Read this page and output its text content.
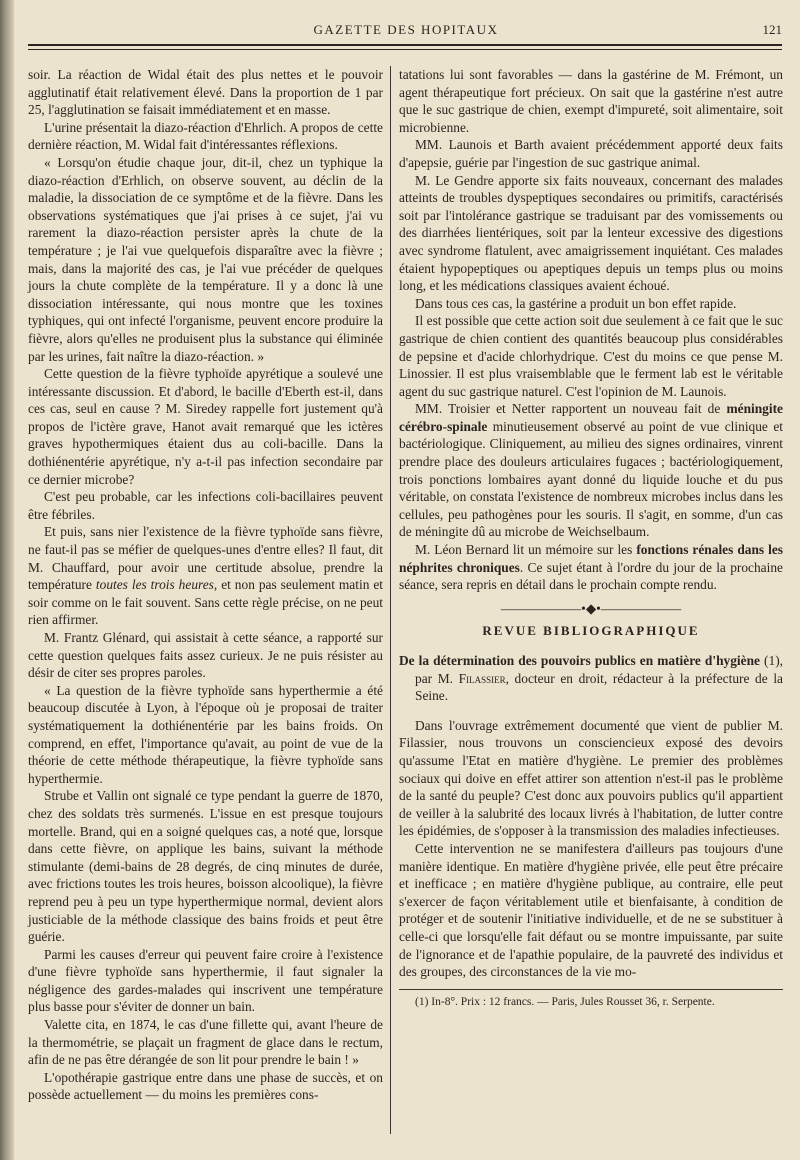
GAZETTE DES HOPITAUX	121

soir. La réaction de Widal était des plus nettes et le pouvoir agglutinatif était relativement élevé. Dans la proportion de 1 par 25, l'agglutination se faisait immédiatement et en masse.

L'urine présentait la diazo-réaction d'Ehrlich. A propos de cette dernière réaction, M. Widal fait d'intéressantes réflexions.

« Lorsqu'on étudie chaque jour, dit-il, chez un typhique la diazo-réaction d'Erhlich, on observe souvent, au déclin de la maladie, la dissociation de ce symptôme et de la fièvre. Dans les observations systématiques que j'ai prises à ce sujet, j'ai vu rarement la diazo-réaction persister après la chute de la température ; je l'ai vue quelquefois disparaître avec la fièvre ; mais, dans la majorité des cas, je l'ai vue précéder de quelques jours la chute complète de la température. Il y a donc là une dissociation intéressante, qui nous montre que les toxines typhiques, qui ont infecté l'organisme, peuvent encore produire la fièvre, alors qu'elles ne produisent plus la substance qui éliminée par les urines, fait naître la diazo-réaction. »

Cette question de la fièvre typhoïde apyrétique a soulevé une intéressante discussion. Et d'abord, le bacille d'Eberth est-il, dans ces cas, seul en cause ? M. Siredey rappelle fort justement qu'à propos de l'ictère grave, Hanot avait remarqué que les ictères graves hypothermiques étaient dus au coli-bacille. Dans la dothiénentérie apyrétique, n'y a-t-il pas infection secondaire par ce dernier microbe?

C'est peu probable, car les infections coli-bacillaires peuvent être fébriles.

Et puis, sans nier l'existence de la fièvre typhoïde sans fièvre, ne faut-il pas se méfier de quelques-unes d'entre elles? Il faut, dit M. Chauffard, pour avoir une certitude absolue, prendre la température toutes les trois heures, et non pas seulement matin et soir comme on le fait souvent. Sans cette règle précise, on ne peut rien affirmer.

M. Frantz Glénard, qui assistait à cette séance, a rapporté sur cette question quelques faits assez curieux. Je ne puis résister au désir de citer ses propres paroles.

« La question de la fièvre typhoïde sans hyperthermie a été beaucoup discutée à Lyon, à l'époque où je proposai de traiter systématiquement la dothiénentérie par les bains froids. On comprend, en effet, l'importance qu'avait, au point de vue de la théorie de cette méthode thérapeutique, la fièvre typhoïde sans hyperthermie.

Strube et Vallin ont signalé ce type pendant la guerre de 1870, chez des soldats très surmenés. L'issue en est presque toujours mortelle. Brand, qui en a soigné quelques cas, a noté que, lorsque dans cette fièvre, on applique les bains, suivant la méthode stimulante (demi-bains de 28 degrés, de cinq minutes de durée, avec frictions toutes les trois heures, boisson alcoolique), la fièvre reprend peu à peu un type hyperthermique normal, devient alors justiciable de la méthode classique des bains froids et peut être guérie.

Parmi les causes d'erreur qui peuvent faire croire à l'existence d'une fièvre typhoïde sans hyperthermie, il faut signaler la négligence des gardes-malades qui inscrivent une température plus basse pour s'éviter de donner un bain.

Valette cita, en 1874, le cas d'une fillette qui, avant l'heure de la thermométrie, se plaçait un fragment de glace dans le rectum, afin de ne pas être dérangée de son lit pour prendre le bain ! »

L'opothérapie gastrique entre dans une phase de succès, et on possède actuellement — du moins les premières cons-

tatations lui sont favorables — dans la gastérine de M. Frémont, un agent thérapeutique fort précieux. On sait que la gastérine n'est autre que le suc gastrique de chien, exempt d'impureté, soit alimentaire, soit microbienne.

MM. Launois et Barth avaient précédemment apporté deux faits d'apepsie, guérie par l'ingestion de suc gastrique animal.

M. Le Gendre apporte six faits nouveaux, concernant des malades atteints de troubles dyspeptiques secondaires ou primitifs, caractérisés soit par l'intolérance gastrique se traduisant par des vomissements ou des diarrhées lientériques, soit par la lenteur excessive des digestions avec syndrome flatulent, avec amaigrissement inquiétant. Ces malades étaient hypopeptiques ou apeptiques depuis un temps plus ou moins long, et les médications classiques avaient échoué.

Dans tous ces cas, la gastérine a produit un bon effet rapide.

Il est possible que cette action soit due seulement à ce fait que le suc gastrique de chien contient des quantités beaucoup plus considérables de pepsine et d'acide chlorhydrique. C'est du moins ce que pense M. Linossier. Il est plus vraisemblable que le ferment lab est le véritable agent du suc gastrique naturel. C'est l'opinion de M. Launois.

MM. Troisier et Netter rapportent un nouveau fait de méningite cérébro-spinale minutieusement observé au point de vue clinique et bactériologique. Cliniquement, au milieu des signes ordinaires, vinrent prendre place des douleurs articulaires fugaces ; bactériologiquement, trois ponctions lombaires ayant donné du liquide louche et du pus véritable, on constata l'existence de nombreux microbes inclus dans les cellules, peu pathogènes pour les souris. Il s'agit, en somme, d'un cas de méningite dû au microbe de Weichselbaum.

M. Léon Bernard lit un mémoire sur les fonctions rénales dans les néphrites chroniques. Ce sujet étant à l'ordre du jour de la prochaine séance, sera repris en détail dans le prochain compte rendu.

——————•◆•——————
REVUE BIBLIOGRAPHIQUE

De la détermination des pouvoirs publics en matière d'hygiène (1), par M. Filassier, docteur en droit, rédacteur à la préfecture de la Seine.

Dans l'ouvrage extrêmement documenté que vient de publier M. Filassier, nous trouvons un consciencieux exposé des devoirs qu'assume l'Etat en matière d'hygiène. Le premier des problèmes sociaux qui doive en effet attirer son attention n'est-il pas le problème de la santé du peuple? C'est donc aux pouvoirs publics qu'il appartient de veiller à la salubrité des locaux livrés à l'habitation, de lutter contre les épidémies, de s'opposer à la transmission des maladies infectieuses.

Cette intervention ne se manifestera d'ailleurs pas toujours d'une manière identique. En matière d'hygiène privée, elle peut être précaire et inefficace ; en matière d'hygiène publique, au contraire, elle peut s'exercer de façon véritablement utile et bienfaisante, à condition de protéger et de soutenir l'initiative individuelle, et de ne se substituer à celle-ci que lorsqu'elle fait défaut ou se montre impuissante, par suite de l'ignorance et de l'apathie populaire, de la pauvreté des individus et des groupes, des circonstances de la vie mo-

(1) In-8°. Prix : 12 francs. — Paris, Jules Rousset 36, r. Serpente.
